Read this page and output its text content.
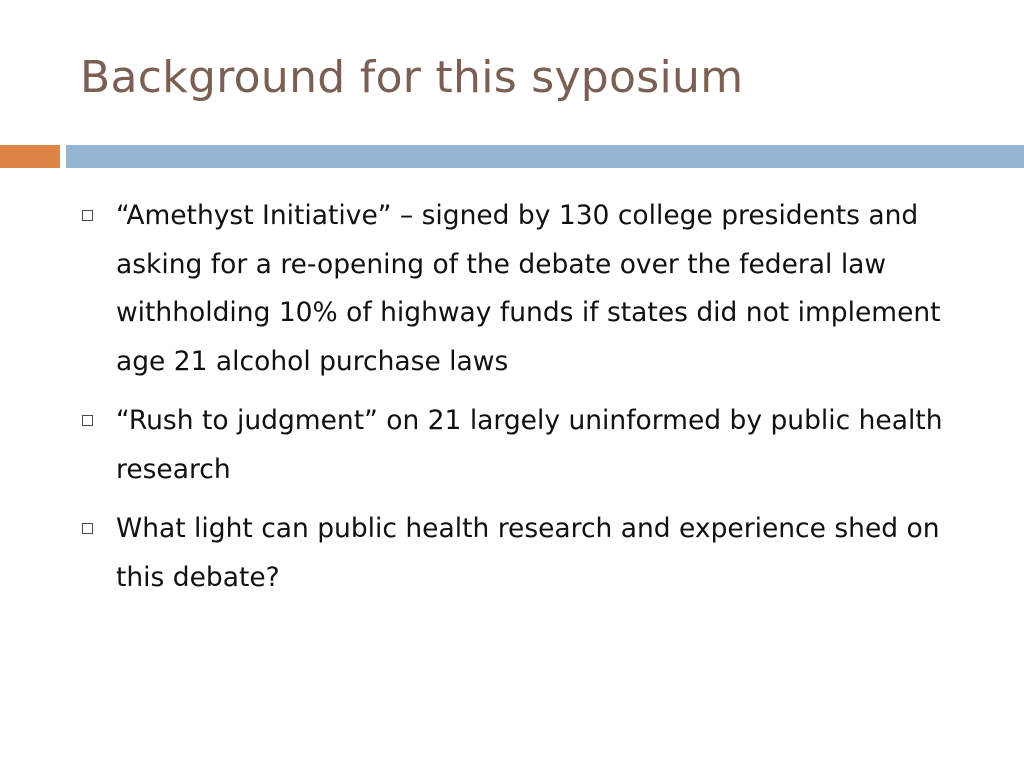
Background for this syposium
“Amethyst Initiative” – signed by 130 college presidents and asking for a re-opening of the debate over the federal law withholding 10% of highway funds if states did not implement age 21 alcohol purchase laws
“Rush to judgment” on 21 largely uninformed by public health research
What light can public health research and experience shed on this debate?
